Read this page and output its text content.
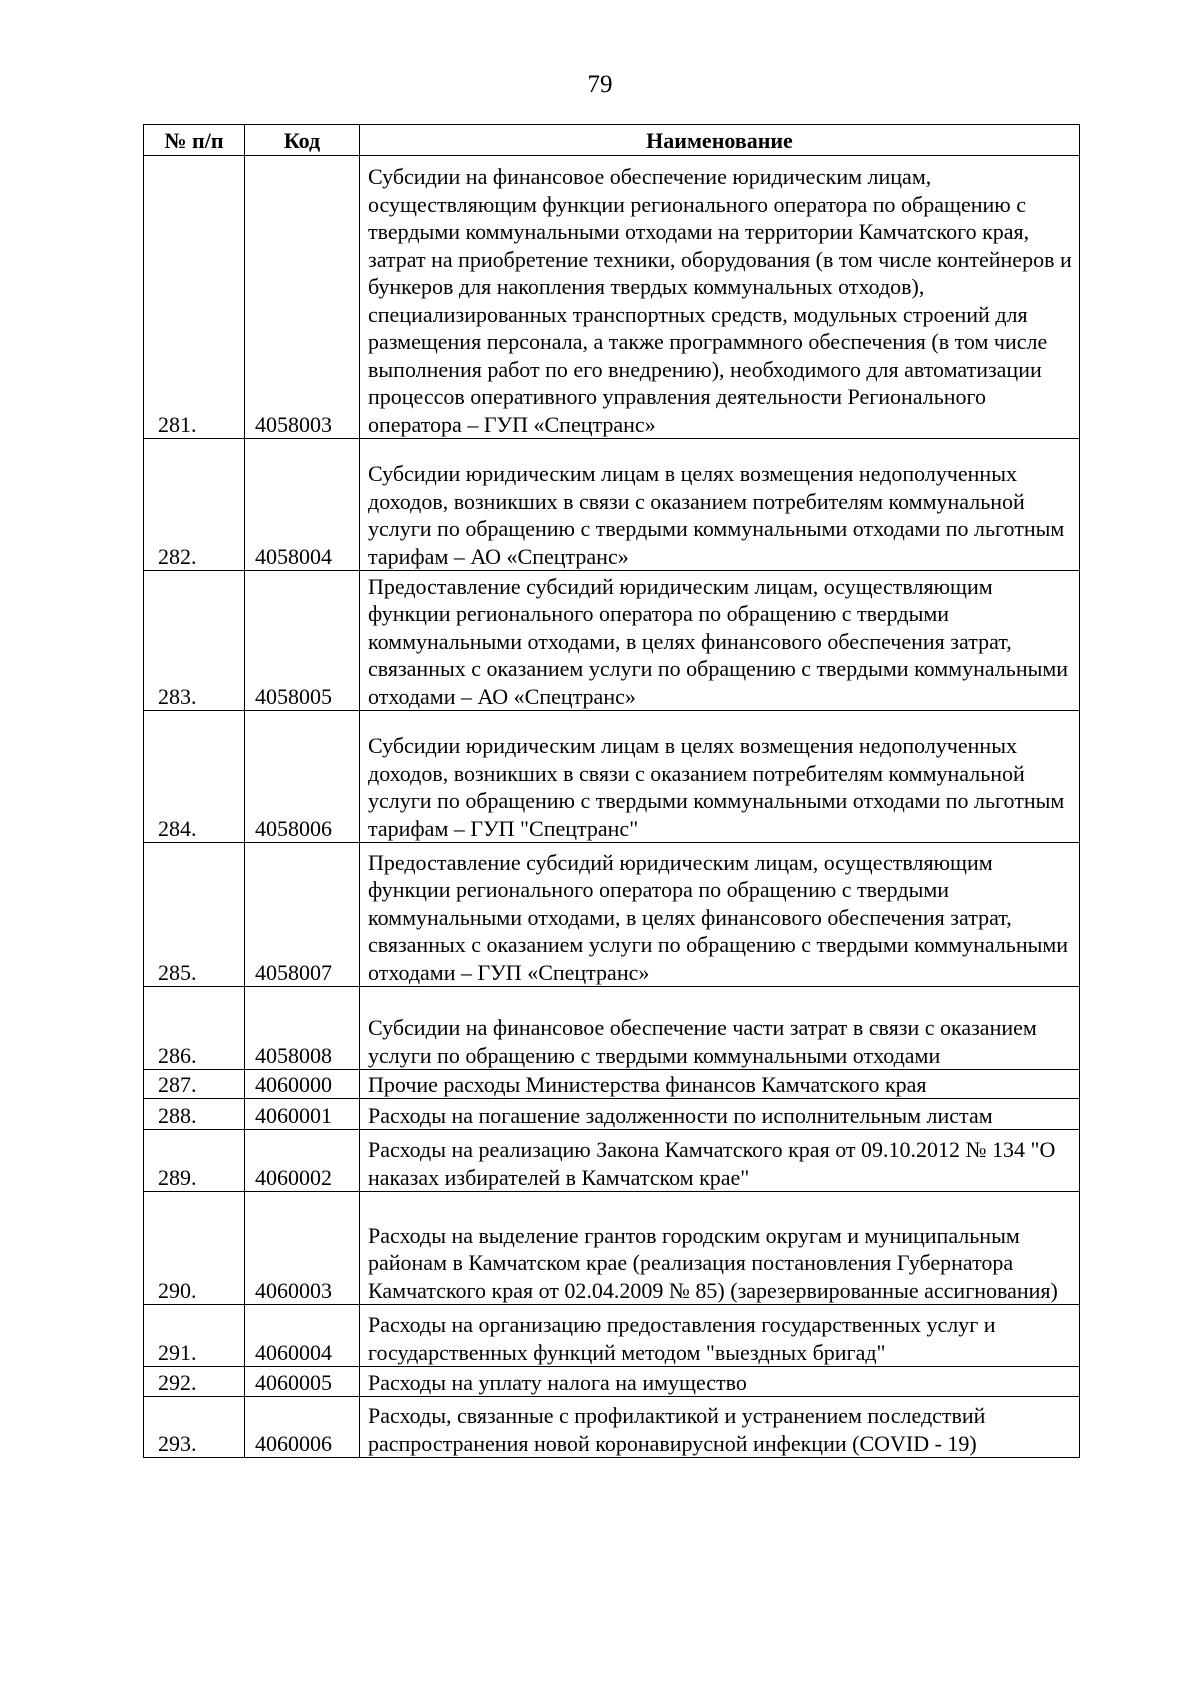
79
№ п/п	Код	Наименование
281.	4058003	Субсидии на финансовое обеспечение юридическим лицам, осуществляющим функции регионального оператора по обращению с твердыми коммунальными отходами на территории Камчатского края, затрат на приобретение техники, оборудования (в том числе контейнеров и бункеров для накопления твердых коммунальных отходов), специализированных транспортных средств, модульных строений для размещения персонала, а также программного обеспечения (в том числе выполнения работ по его внедрению), необходимого для автоматизации процессов оперативного управления деятельности Регионального оператора – ГУП «Спецтранс»
282.	4058004	Субсидии юридическим лицам в целях возмещения недополученных доходов, возникших в связи с оказанием потребителям коммунальной услуги по обращению с твердыми коммунальными отходами по льготным тарифам – АО «Спецтранс»
283.	4058005	Предоставление субсидий юридическим лицам, осуществляющим функции регионального оператора по обращению с твердыми коммунальными отходами, в целях финансового обеспечения затрат, связанных с оказанием услуги по обращению с твердыми коммунальными отходами – АО «Спецтранс»
284.	4058006	Субсидии юридическим лицам в целях возмещения недополученных доходов, возникших в связи с оказанием потребителям коммунальной услуги по обращению с твердыми коммунальными отходами по льготным тарифам – ГУП "Спецтранс"
285.	4058007	Предоставление субсидий юридическим лицам, осуществляющим функции регионального оператора по обращению с твердыми коммунальными отходами, в целях финансового обеспечения затрат, связанных с оказанием услуги по обращению с твердыми коммунальными отходами – ГУП «Спецтранс»
286.	4058008	Субсидии на финансовое обеспечение части затрат в связи с оказанием услуги по обращению с твердыми коммунальными отходами
287.	4060000	Прочие расходы Министерства финансов Камчатского края
288.	4060001	Расходы на погашение задолженности по исполнительным листам
289.	4060002	Расходы на реализацию Закона Камчатского края от 09.10.2012 № 134 "О наказах избирателей в Камчатском крае"
290.	4060003	Расходы на выделение грантов городским округам и муниципальным районам в Камчатском крае (реализация постановления Губернатора Камчатского края от 02.04.2009 № 85) (зарезервированные ассигнования)
291.	4060004	Расходы на организацию предоставления государственных услуг и государственных функций методом "выездных бригад"
292.	4060005	Расходы на уплату налога на имущество
293.	4060006	Расходы, связанные с профилактикой и устранением последствий распространения новой коронавирусной инфекции (COVID - 19)
